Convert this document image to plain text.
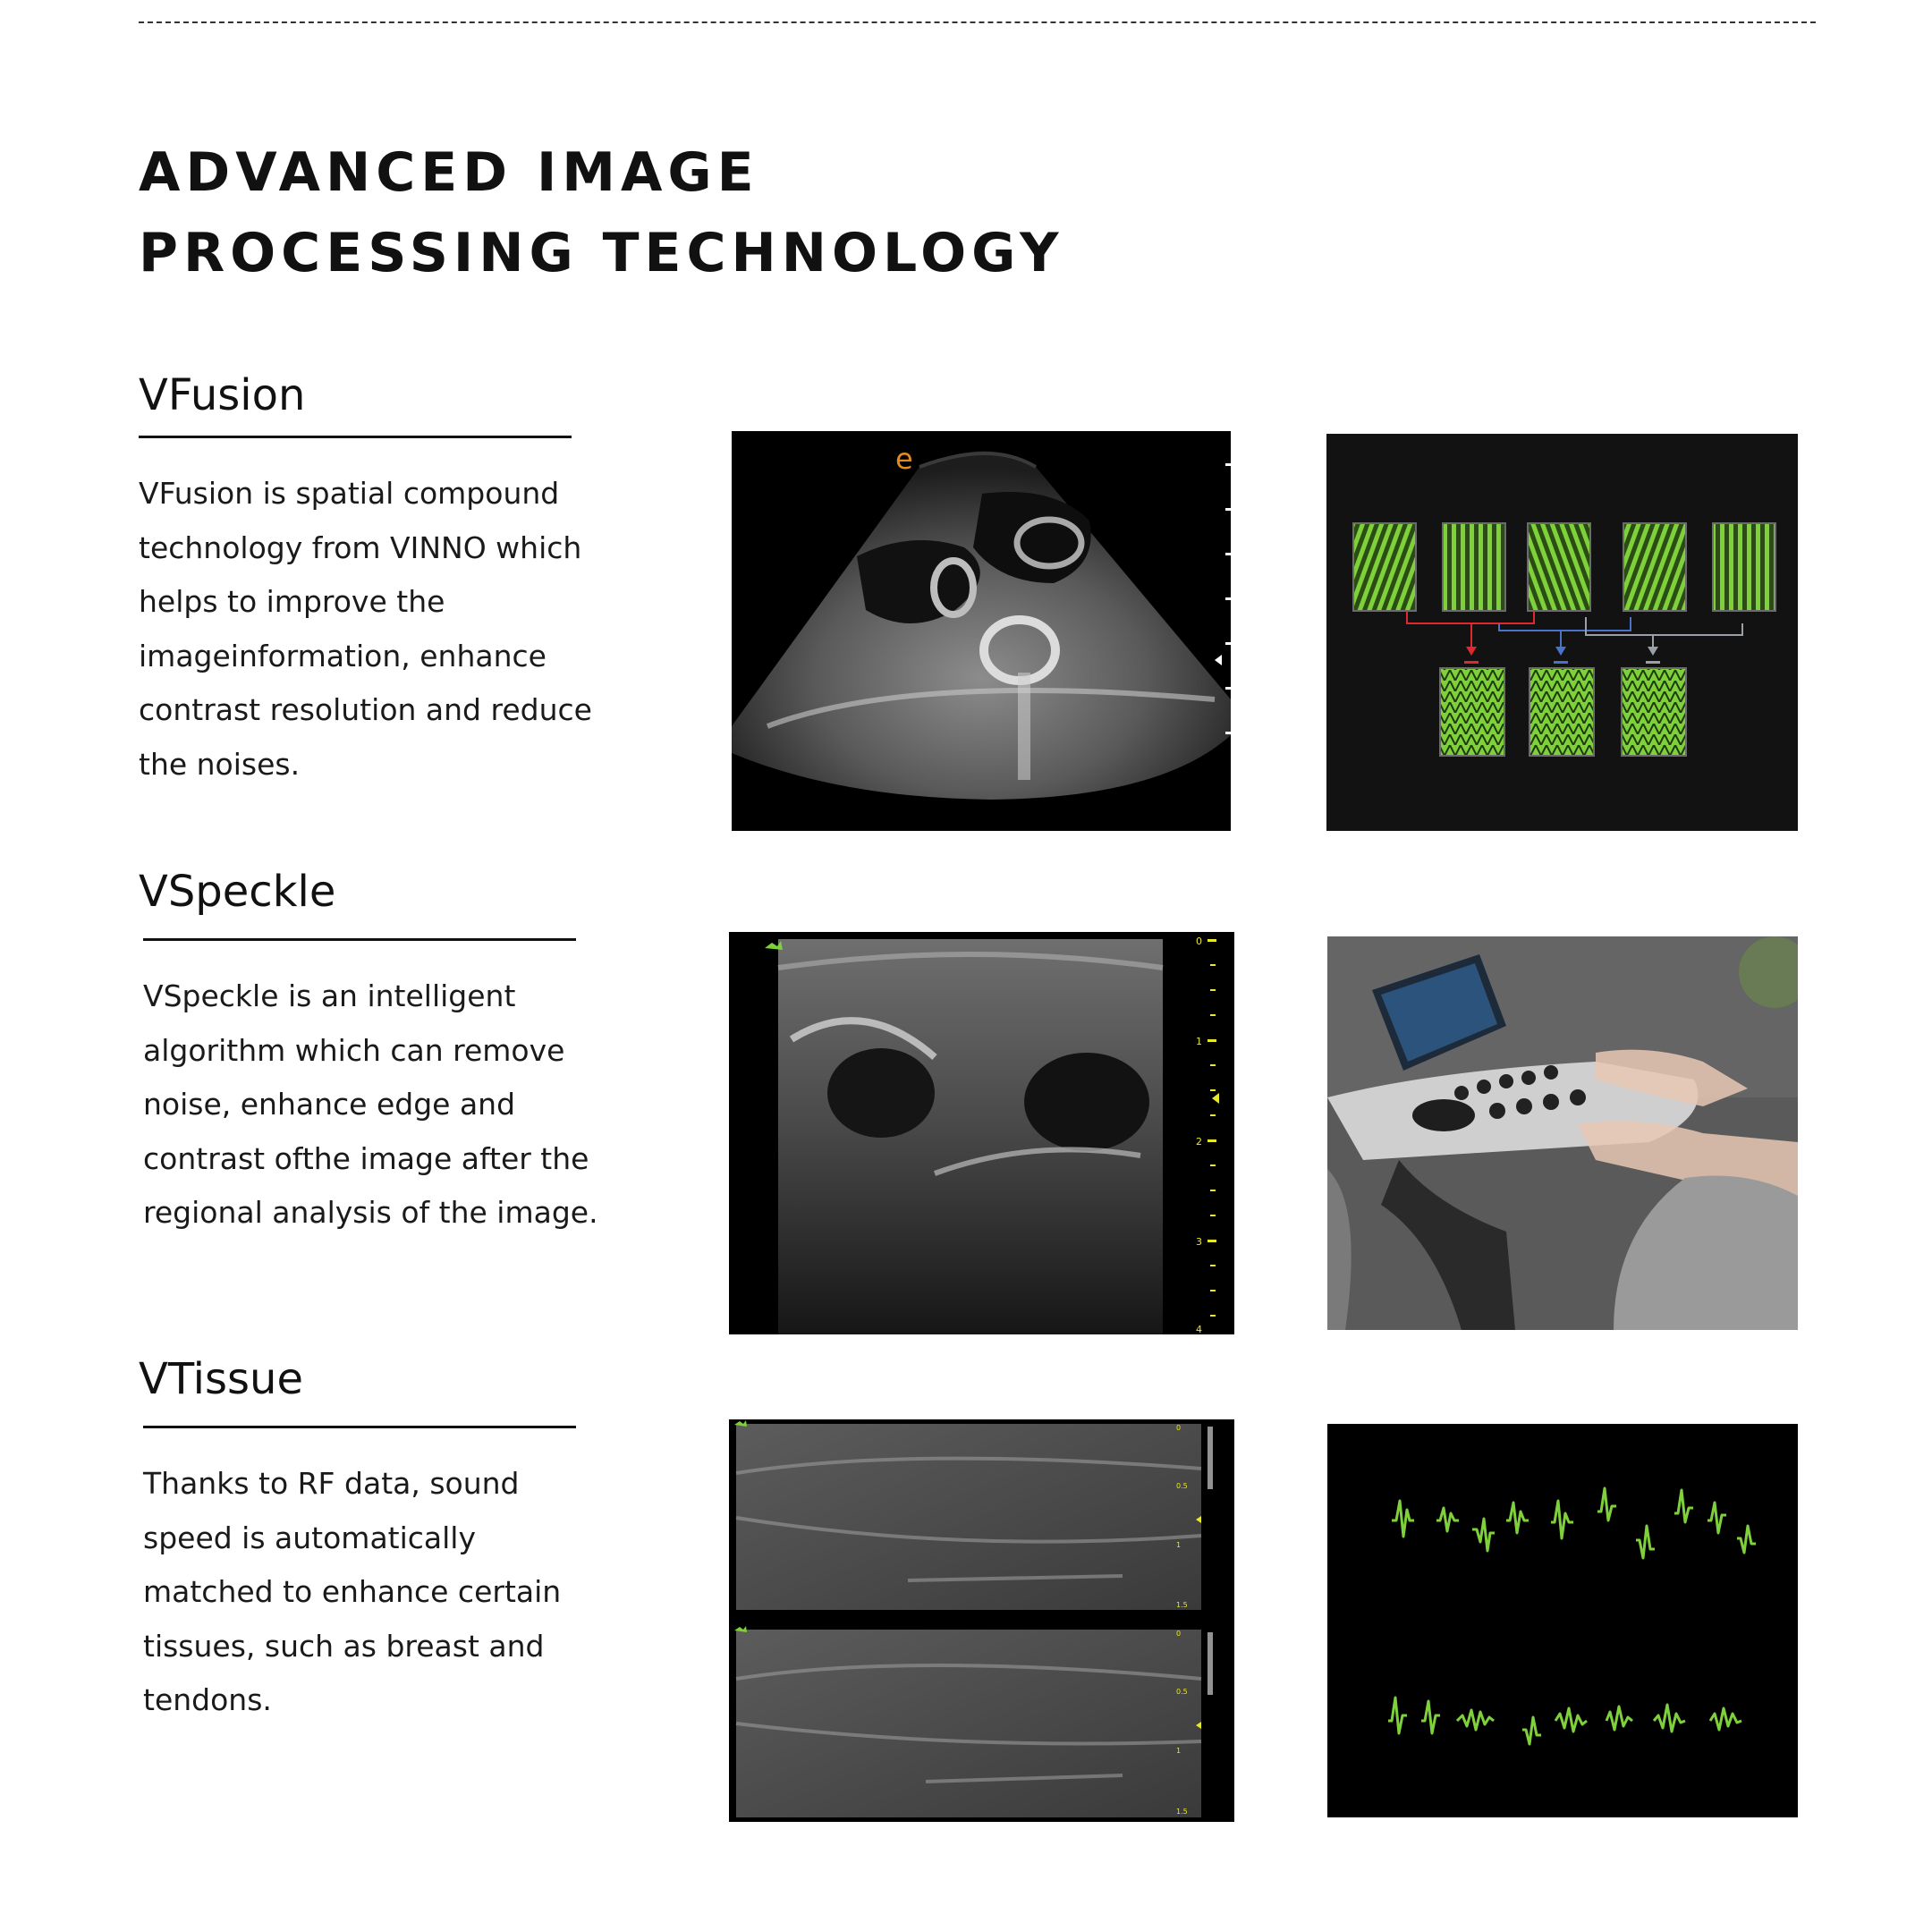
ADVANCED IMAGE
PROCESSING TECHNOLOGY
VFusion

VFusion is spatial compound technology from VINNO which helps to improve the imageinformation, enhance contrast resolution and reduce the noises.

VSpeckle

VSpeckle is an intelligent algorithm which can remove noise, enhance edge and contrast ofthe image after the regional analysis of the image.

VTissue

Thanks to RF data, sound speed is automatically matched to enhance certain tissues, such as breast and tendons.

e
0
1
2
3
4
0
0.5
1
1.5
0
0.5
1
1.5
